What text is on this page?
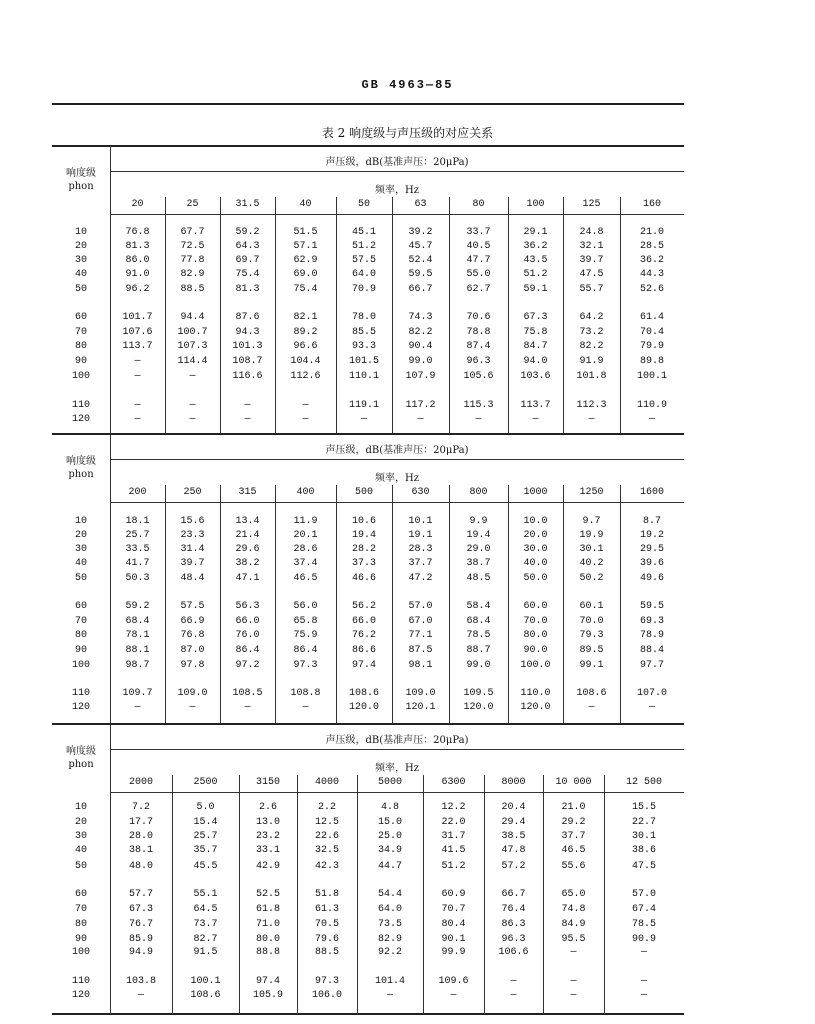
GB 4963—85
表 2 响度级与声压级的对应关系
响度级
phon
声压级，dB(基准声压：20μPa)
频率，Hz
20	25	31.5	40	50	63	80	100	125	160
10	76.8	67.7	59.2	51.5	45.1	39.2	33.7	29.1	24.8	21.0
20	81.3	72.5	64.3	57.1	51.2	45.7	40.5	36.2	32.1	28.5
30	86.0	77.8	69.7	62.9	57.5	52.4	47.7	43.5	39.7	36.2
40	91.0	82.9	75.4	69.0	64.0	59.5	55.0	51.2	47.5	44.3
50	96.2	88.5	81.3	75.4	70.9	66.7	62.7	59.1	55.7	52.6
60	101.7	94.4	87.6	82.1	78.0	74.3	70.6	67.3	64.2	61.4
70	107.6	100.7	94.3	89.2	85.5	82.2	78.8	75.8	73.2	70.4
80	113.7	107.3	101.3	96.6	93.3	90.4	87.4	84.7	82.2	79.9
90	—	114.4	108.7	104.4	101.5	99.0	96.3	94.0	91.9	89.8
100	—	—	116.6	112.6	110.1	107.9	105.6	103.6	101.8	100.1
110	—	—	—	—	119.1	117.2	115.3	113.7	112.3	110.9
120	—	—	—	—	—	—	—	—	—	—
响度级
phon
声压级，dB(基准声压：20μPa)
频率，Hz
200	250	315	400	500	630	800	1000	1250	1600
10	18.1	15.6	13.4	11.9	10.6	10.1	9.9	10.0	9.7	8.7
20	25.7	23.3	21.4	20.1	19.4	19.1	19.4	20.0	19.9	19.2
30	33.5	31.4	29.6	28.6	28.2	28.3	29.0	30.0	30.1	29.5
40	41.7	39.7	38.2	37.4	37.3	37.7	38.7	40.0	40.2	39.6
50	50.3	48.4	47.1	46.5	46.6	47.2	48.5	50.0	50.2	49.6
60	59.2	57.5	56.3	56.0	56.2	57.0	58.4	60.0	60.1	59.5
70	68.4	66.9	66.0	65.8	66.0	67.0	68.4	70.0	70.0	69.3
80	78.1	76.8	76.0	75.9	76.2	77.1	78.5	80.0	79.3	78.9
90	88.1	87.0	86.4	86.4	86.6	87.5	88.7	90.0	89.5	88.4
100	98.7	97.8	97.2	97.3	97.4	98.1	99.0	100.0	99.1	97.7
110	109.7	109.0	108.5	108.8	108.6	109.0	109.5	110.0	108.6	107.0
120	—	—	—	—	120.0	120.1	120.0	120.0	—	—
响度级
phon
声压级，dB(基准声压：20μPa)
频率，Hz
2000	2500	3150	4000	5000	6300	8000	10 000	12 500
10	7.2	5.0	2.6	2.2	4.8	12.2	20.4	21.0	15.5
20	17.7	15.4	13.0	12.5	15.0	22.0	29.4	29.2	22.7
30	28.0	25.7	23.2	22.6	25.0	31.7	38.5	37.7	30.1
40	38.1	35.7	33.1	32.5	34.9	41.5	47.8	46.5	38.6
50	48.0	45.5	42.9	42.3	44.7	51.2	57.2	55.6	47.5
60	57.7	55.1	52.5	51.8	54.4	60.9	66.7	65.0	57.0
70	67.3	64.5	61.8	61.3	64.0	70.7	76.4	74.8	67.4
80	76.7	73.7	71.0	70.5	73.5	80.4	86.3	84.9	78.5
90	85.9	82.7	80.0	79.6	82.9	90.1	96.3	95.5	90.9
100	94.9	91.5	88.8	88.5	92.2	99.9	106.6	—	—
110	103.8	100.1	97.4	97.3	101.4	109.6	—	—	—
120	—	108.6	105.9	106.0	—	—	—	—	—
